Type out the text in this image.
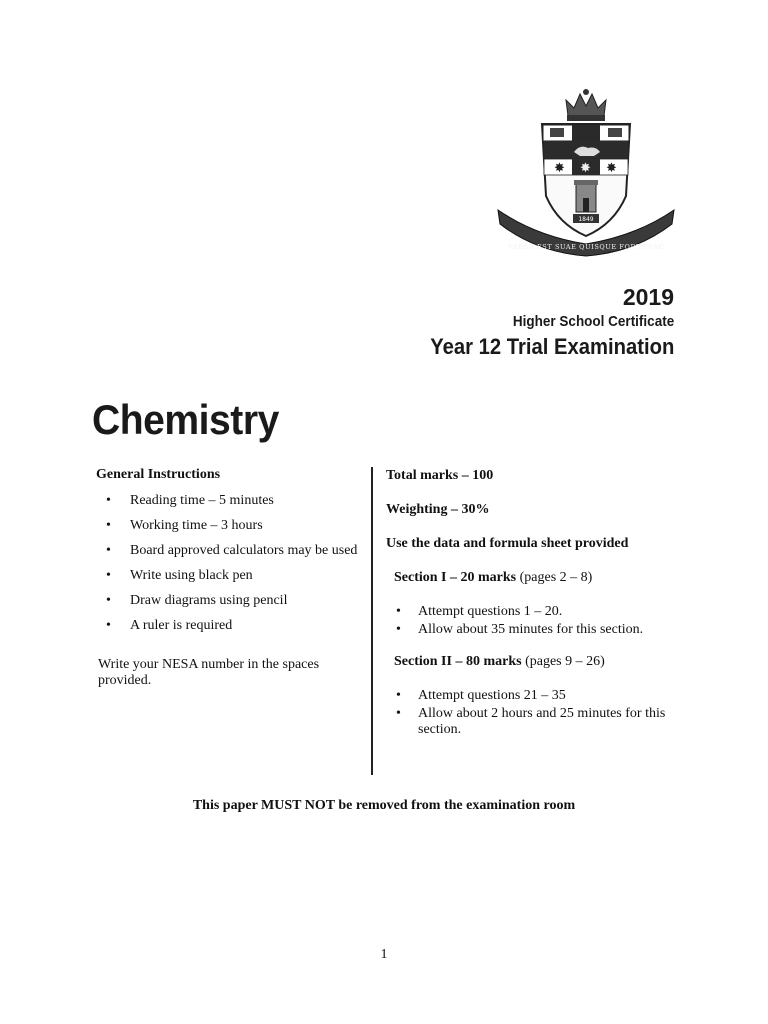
✸ ✸ ✸
1849
FABER EST SUAE QUISQUE FORTUNAE
2019
Higher School Certificate
Year 12 Trial Examination
Chemistry
General Instructions
• Reading time – 5 minutes
• Working time – 3 hours
• Board approved calculators may be used
• Write using black pen
• Draw diagrams using pencil
• A ruler is required
Write your NESA number in the spaces provided.

Total marks – 100

Weighting – 30%

Use the data and formula sheet provided

Section I – 20 marks (pages 2 – 8)

• Attempt questions 1 – 20.
• Allow about 35 minutes for this section.

Section II – 80 marks (pages 9 – 26)

• Attempt questions 21 – 35
• Allow about 2 hours and 25 minutes for this section.
This paper MUST NOT be removed from the examination room
1
